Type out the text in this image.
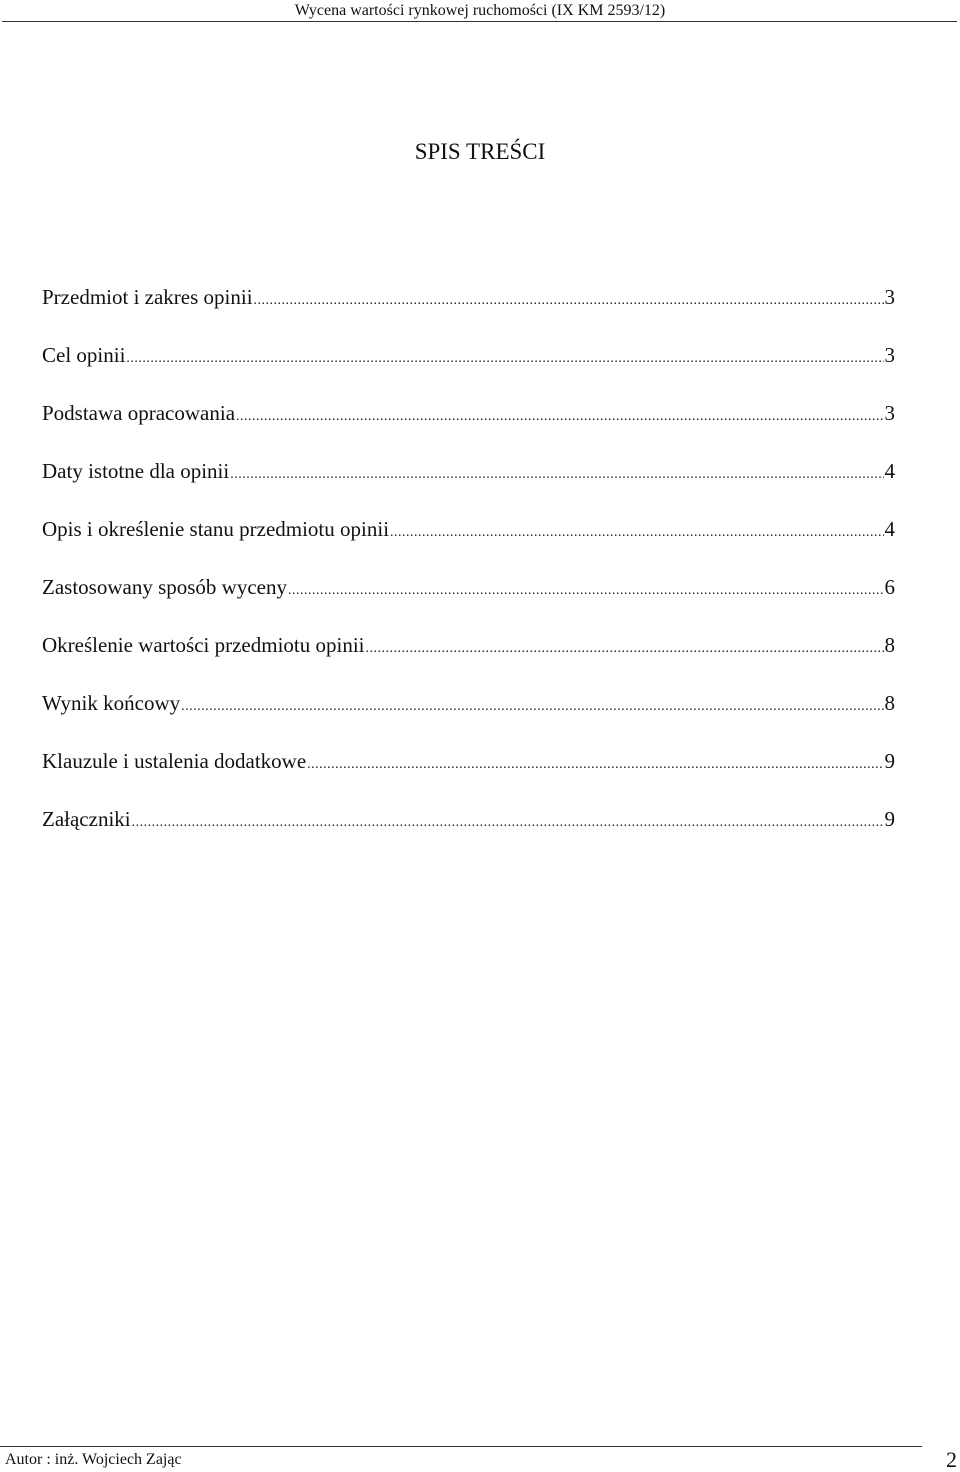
Wycena wartości rynkowej ruchomości (IX KM 2593/12)
SPIS TREŚCI
Przedmiot i zakres opinii .....	3
Cel opinii .....	3
Podstawa opracowania .....	3
Daty istotne dla opinii .....	4
Opis i określenie stanu przedmiotu opinii .....	4
Zastosowany sposób wyceny .....	6
Określenie wartości przedmiotu opinii .....	8
Wynik końcowy .....	8
Klauzule i ustalenia dodatkowe .....	9
Załączniki .....	9
Autor : inż. Wojciech Zając	2
